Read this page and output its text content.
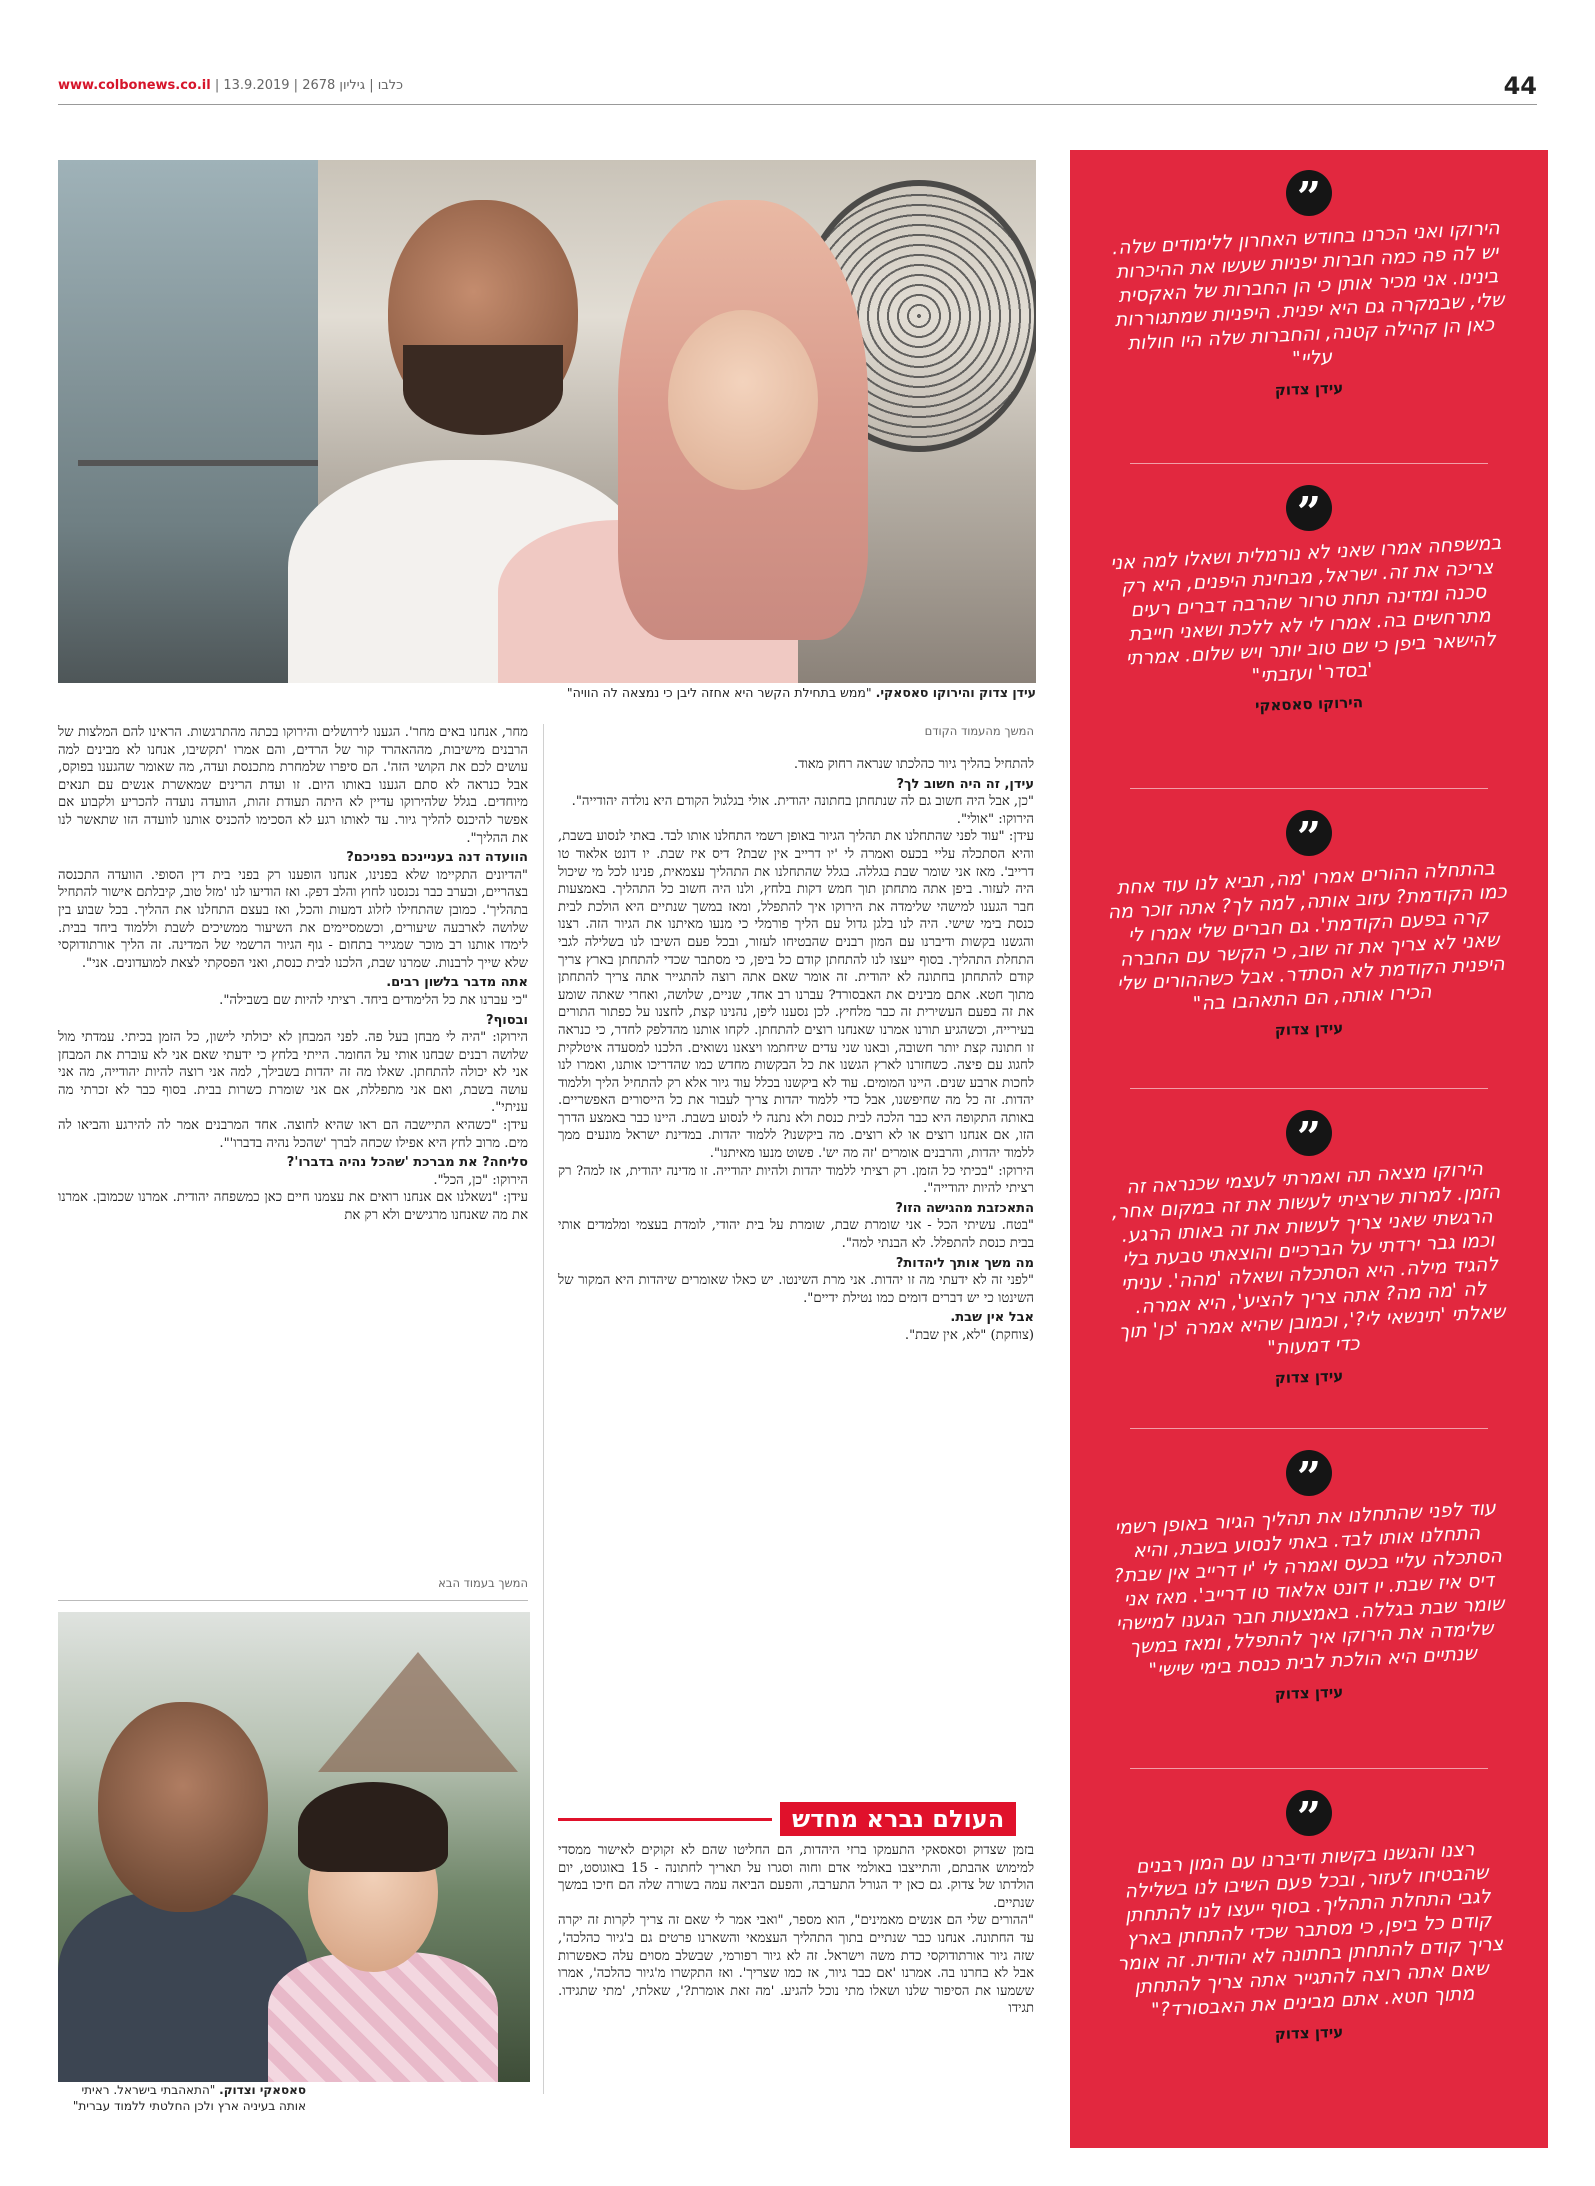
www.colbonews.co.il |	כלבו | גיליון 2678 | 13.9.2019	44
עידן צדוק והירוקו סאסאקי. "ממש בתחילת הקשר היא אחזה ליבן כי נמצאה לה הוויה"
המשך מהעמוד הקודם

להתחיל בהליך גיור כהלכתו שנראה רחוק מאוד.

עידן, זה היה חשוב לך?

"כן, אבל היה חשוב גם לה שנתחתן בחתונה יהודית. אולי בגלגול הקודם היא נולדה יהודייה".

הירוקו: "אולי".

עידן: "עוד לפני שהתחלנו את תהליך הגיור באופן רשמי התחלנו אותו לבד. באתי לנסוע בשבת, והיא הסתכלה עליי בכעס ואמרה לי 'יו דרייב אין שבת? דיס איז שבת. יו דונט אלאוד טו דרייב'. מאז אני שומר שבת בגללה. בגלל שהתחלנו את התהליך עצמאית, פנינו לכל מי שיכול היה לעזור. ביפן אתה מתחתן תוך חמש דקות בלחץ, ולנו היה חשוב כל התהליך. באמצעות חבר הגענו למישהי שלימדה את הירוקו איך להתפלל, ומאז במשך שנתיים היא הולכת לבית כנסת בימי שישי. היה לנו בלגן גדול עם הליך פורמלי כי מנעו מאיתנו את הגיור הזה. רצנו והגשנו בקשות ודיברנו עם המון רבנים שהבטיחו לעזור, ובכל פעם השיבו לנו בשלילה לגבי התחלת התהליך. בסוף ייעצו לנו להתחתן קודם כל ביפן, כי מסתבר שכדי להתחתן בארץ צריך קודם להתחתן בחתונה לא יהודית. זה אומר שאם אתה רוצה להתגייר אתה צריך להתחתן מתוך חטא. אתם מבינים את האבסורד? עברנו רב אחד, שניים, שלושה, ואחרי שאתה שומע את זה בפעם העשירית זה כבר מלחיץ. לכן נסענו ליפן, נהנינו קצת, לחצנו על כפתור התורים בעירייה, וכשהגיע תורנו אמרנו שאנחנו רוצים להתחתן. לקחו אותנו מהדלפק לחדר, כי כנראה זו חתונה קצת יותר חשובה, ובאנו שני עדים שיחתמו ויצאנו נשואים. הלכנו למסעדה איטלקית לחגוג עם פיצה. כשחזרנו לארץ הגשנו את כל הבקשות מחדש כמו שהדריכו אותנו, ואמרו לנו לחכות ארבע שנים. היינו המומים. עוד לא ביקשנו בכלל עוד גיור אלא רק להתחיל הליך וללמוד יהדות. זה כל מה שחיפשנו, אבל כדי ללמוד יהדות צריך לעבור את כל הייסורים האפשריים. באותה התקופה היא כבר הלכה לבית כנסת ולא נתנה לי לנסוע בשבת. היינו כבר באמצע הדרך הזו, אם אנחנו רוצים או לא רוצים. מה ביקשנו? ללמוד יהדות. במדינת ישראל מונעים ממך ללמוד יהדות, והרבנים אומרים 'זה מה יש'. פשוט מנעו מאיתנו".

הירוקו: "בכיתי כל הזמן. רק רציתי ללמוד יהדות ולהיות יהודייה. זו מדינה יהודית, אז למה? רק רציתי להיות יהודייה".

התאכזבת מהגישה הזו?

"בטח. עשיתי הכל - אני שומרת שבת, שומרת על בית יהודי, לומדת בעצמי ומלמדים אותי בבית כנסת להתפלל. לא הבנתי למה".

מה משך אותך ליהדות?

"לפני זה לא ידעתי מה זו יהדות. אני מרת השינטו. יש כאלו שאומרים שיהדות היא המקור של השינטו כי יש דברים דומים כמו נטילת ידיים".

אבל אין שבת.

(צוחקת) "לא, אין שבת".

העולם נברא מחדש

בזמן שצדוק וסאסאקי התעמקו ברזי היהדות, הם החליטו שהם לא זקוקים לאישור ממסדי למימוש אהבתם, והתייצבו באולמי אדם וחוה וסגרו על תאריך לחתונה - 15 באוגוסט, יום הולדתו של צדוק. גם כאן יד הגורל התערבה, והפעם הביאה עמה בשורה שלה הם חיכו במשך שנתיים.

"ההורים שלי הם אנשים מאמינים", הוא מספר, "ואבי אמר לי שאם זה צריך לקרות זה יקרה עד החתונה. אנחנו כבר שנתיים בתוך התהליך העצמאי והשארנו פרטים גם ב'גיור כהלכה', שזה גיור אורתודוקסי כדת משה וישראל. זה לא גיור רפורמי, שבשלב מסוים עלה כאפשרות אבל לא בחרנו בה. אמרנו 'אם כבר גיור, אז כמו שצריך'. ואז התקשרו מ'גיור כהלכה', אמרו ששמעו את הסיפור שלנו ושאלו מתי נוכל להגיע. 'מה זאת אומרת?', שאלתי, 'מתי שתגידו. תגידו

מחר, אנחנו באים מחר'. הגענו לירושלים והירוקו בכתה מהתרגשות. הראינו להם המלצות של הרבנים מישיבות, מההאהרד קור של הרדים, והם אמרו 'תקשיבו, אנחנו לא מבינים למה עושים לכם את הקושי הזה'. הם סיפרו שלמחרת מתכנסת ועדה, מה שאומר שהגענו בפוקס, אבל כנראה לא סתם הגענו באותו היום. זו ועדת הרינים שמאשרת אנשים עם תנאים מיוחדים. בגלל שלהירוקו עדיין לא היתה תעודת זהות, הוועדה נועדה להכריע ולקבוע אם אפשר להיכנס להליך גיור. עד לאותו רגע לא הסכימו להכניס אותנו לוועדה הזו שתאשר לנו את ההליך".

הוועדה דנה בעניינכם בפניכם?

"הדיונים התקיימו שלא בפנינו, אנחנו הופענו רק בפני בית דין הסופי. הוועדה התכנסה בצהריים, ובערב כבר נכנסנו לחוץ והלב דפק. ואז הודיעו לנו 'מזל טוב, קיבלתם אישור להתחיל בתהליך'. כמובן שהתחילו לזלוג דמעות והכל, ואז בעצם התחלנו את ההליך. בכל שבוע בין שלושה לארבעה שיעורים, וכשמסיימים את השיעור ממשיכים לשבת וללמוד ביחד בבית. לימדו אותנו רב מוכר שמגייר בתחום - גוף הגיור הרשמי של המדינה. זה הליך אורתודוקסי שלא שייך לרבנות. שמרנו שבת, הלכנו לבית כנסת, ואני הפסקתי לצאת למועדונים. אני".

אתה מדבר בלשון רבים.

"כי עברנו את כל הלימודים ביחד. רציתי להיות שם בשבילה".

ובסוף?

הירוקו: "היה לי מבחן בעל פה. לפני המבחן לא יכולתי לישון, כל הזמן בכיתי. עמדתי מול שלושה רבנים שבחנו אותי על החומר. הייתי בלחץ כי ידעתי שאם אני לא עוברת את המבחן אני לא יכולה להתחתן. שאלו מה זה יהדות בשבילך, למה אני רוצה להיות יהודייה, מה אני עושה בשבת, ואם אני מתפללת, אם אני שומרת כשרות בבית. בסוף כבר לא זכרתי מה עניתי".

עידן: "כשהיא התיישבה הם ראו שהיא לחוצה. אחד המרבנים אמר לה להירגע והביאו לה מים. מרוב לחץ היא אפילו שכחה לברך 'שהכל נהיה בדברו'".

סליחה? את מברכת 'שהכל נהיה בדברו'?

הירוקו: "כן, הכל".

עידן: "נשאלנו אם אנחנו רואים את עצמנו חיים כאן כמשפחה יהודית. אמרנו שכמובן. אמרנו את מה שאנחנו מרגישים ולא רק את

המשך בעמוד הבא
סאסאקי וצדוק. "התאהבתי בישראל. ראיתי אותה בעיניה ארץ ולכן החלטתי ללמוד עברית"
”
הירוקו ואני הכרנו בחודש האחרון ללימודים שלה. יש לה פה כמה חברות יפניות שעשו את ההיכרות בינינו. אני מכיר אותן כי הן החברות של האקסית שלי, שבמקרה גם היא יפנית. היפניות שמתגוררות כאן הן קהילה קטנה, והחברות שלה היו חולות עליי"
עידן צדוק
”
במשפחה אמרו שאני לא נורמלית ושאלו למה אני צריכה את זה. ישראל, מבחינת היפנים, היא רק סכנה ומדינה תחת טרור שהרבה דברים רעים מתרחשים בה. אמרו לי לא ללכת ושאני חייבת להישאר ביפן כי שם טוב יותר ויש שלום. אמרתי 'בסדר' ועזבתי"
הירוקו סאסאקי
”
בהתחלה ההורים אמרו 'מה, תביא לנו עוד אחת כמו הקודמת? עזוב אותה, למה לך? אתה זוכר מה קרה בפעם הקודמת'. גם חברים שלי אמרו לי שאני לא צריך את זה שוב, כי הקשר עם החברה היפנית הקודמת לא הסתדר. אבל כשההורים שלי הכירו אותה, הם התאהבו בה"
עידן צדוק
”
הירוקו מצאה תה ואמרתי לעצמי שכנראה זה הזמן. למרות שרציתי לעשות את זה במקום אחר, הרגשתי שאני צריך לעשות את זה באותו הרגע. וכמו גבר ירדתי על הברכיים והוצאתי טבעת בלי להגיד מילה. היא הסתכלה ושאלה 'מהה'. עניתי לה 'מה מה? אתה צריך להציע', היא אמרה. שאלתי 'תינשאי לי?', וכמובן שהיא אמרה 'כן' תוך כדי דמעות"
עידן צדוק
”
עוד לפני שהתחלנו את תהליך הגיור באופן רשמי התחלנו אותו לבד. באתי לנסוע בשבת, והיא הסתכלה עליי בכעס ואמרה לי 'יו דרייב אין שבת? דיס איז שבת. יו דונט אלאוד טו דרייב'. מאז אני שומר שבת בגללה. באמצעות חבר הגענו למישהי שלימדה את הירוקו איך להתפלל, ומאז במשך שנתיים היא הולכת לבית כנסת בימי שישי"
עידן צדוק
”
רצנו והגשנו בקשות ודיברנו עם המון רבנים שהבטיחו לעזור, ובכל פעם השיבו לנו בשלילה לגבי התחלת התהליך. בסוף ייעצו לנו להתחתן קודם כל ביפן, כי מסתבר שכדי להתחתן בארץ צריך קודם להתחתן בחתונה לא יהודית. זה אומר שאם אתה רוצה להתגייר אתה צריך להתחתן מתוך חטא. אתם מבינים את האבסורד?"
עידן צדוק
